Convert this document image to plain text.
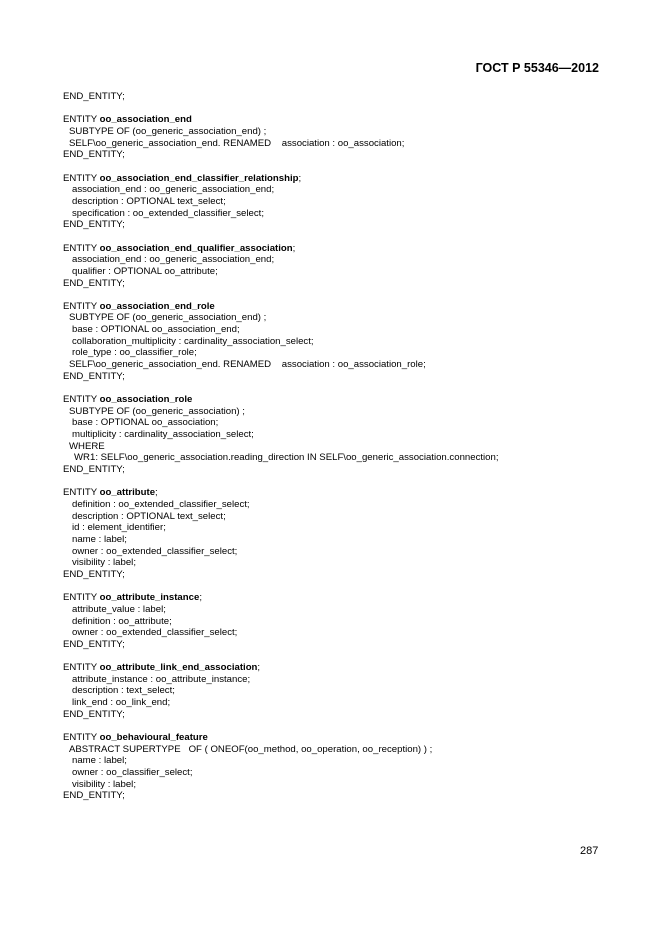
ГОСТ Р 55346—2012
END_ENTITY;
ENTITY oo_association_end
SUBTYPE OF (oo_generic_association_end) ;
SELF\oo_generic_association_end. RENAMED    association : oo_association;
END_ENTITY;
ENTITY oo_association_end_classifier_relationship;
association_end : oo_generic_association_end;
description : OPTIONAL text_select;
specification : oo_extended_classifier_select;
END_ENTITY;
ENTITY oo_association_end_qualifier_association;
association_end : oo_generic_association_end;
qualifier : OPTIONAL oo_attribute;
END_ENTITY;
ENTITY oo_association_end_role
SUBTYPE OF (oo_generic_association_end) ;
base : OPTIONAL oo_association_end;
collaboration_multiplicity : cardinality_association_select;
role_type : oo_classifier_role;
SELF\oo_generic_association_end. RENAMED    association : oo_association_role;
END_ENTITY;
ENTITY oo_association_role
SUBTYPE OF (oo_generic_association) ;
base : OPTIONAL oo_association;
multiplicity : cardinality_association_select;
WHERE
WR1: SELF\oo_generic_association.reading_direction IN SELF\oo_generic_association.connection;
END_ENTITY;
ENTITY oo_attribute;
definition : oo_extended_classifier_select;
description : OPTIONAL text_select;
id : element_identifier;
name : label;
owner : oo_extended_classifier_select;
visibility : label;
END_ENTITY;
ENTITY oo_attribute_instance;
attribute_value : label;
definition : oo_attribute;
owner : oo_extended_classifier_select;
END_ENTITY;
ENTITY oo_attribute_link_end_association;
attribute_instance : oo_attribute_instance;
description : text_select;
link_end : oo_link_end;
END_ENTITY;
ENTITY oo_behavioural_feature
ABSTRACT SUPERTYPE   OF ( ONEOF(oo_method, oo_operation, oo_reception) ) ;
name : label;
owner : oo_classifier_select;
visibility : label;
END_ENTITY;
287
